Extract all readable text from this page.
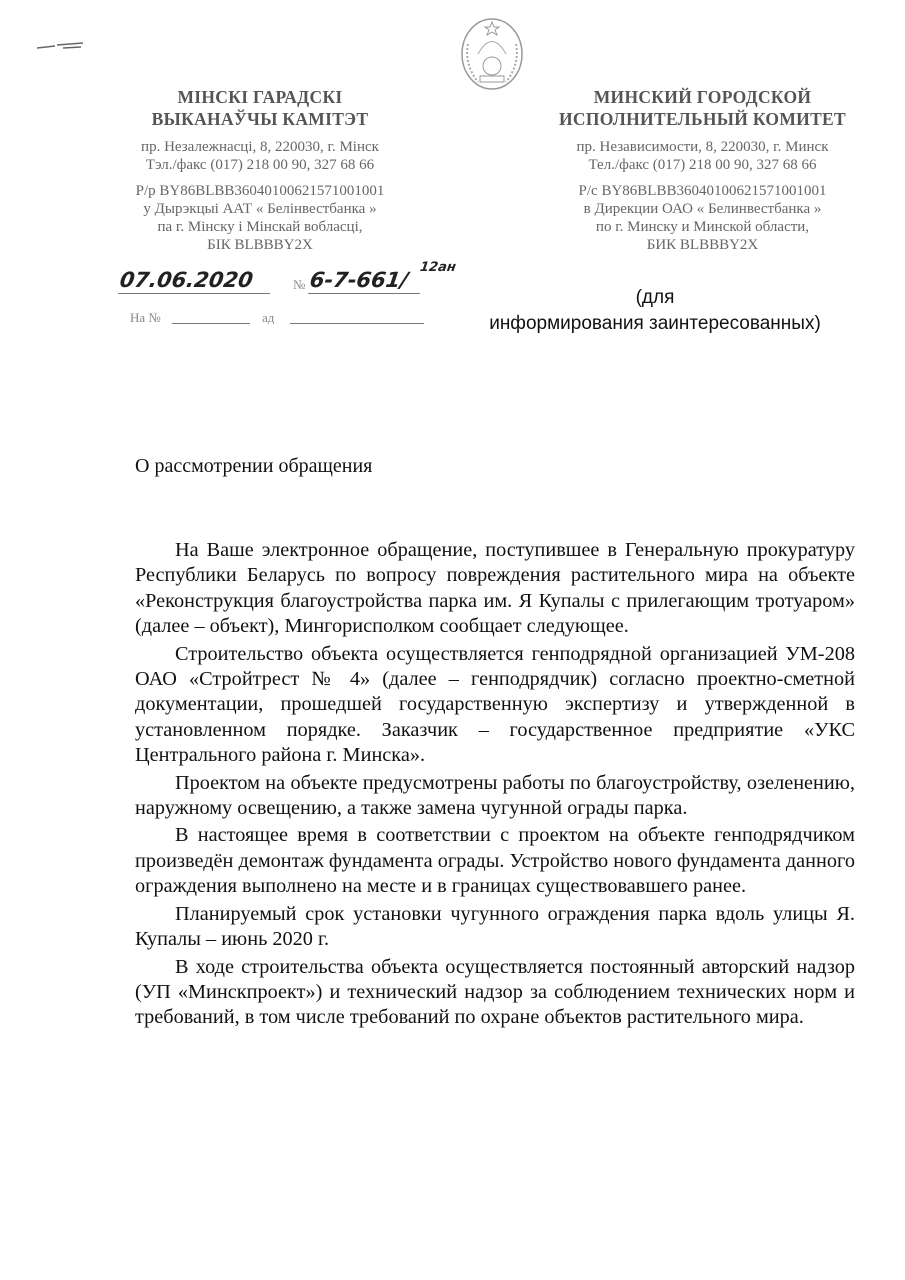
МІНСКІ ГАРАДСКІ
ВЫКАНАЎЧЫ КАМІТЭТ
пр. Незалежнасці, 8, 220030, г. Мінск
Тэл./факс (017) 218 00 90, 327 68 66
Р/р BY86BLBB36040100621571001001
у Дырэкцыі ААТ « Белінвестбанка »
па г. Мінску і Мінскай вобласці,
БІК BLBBBY2X
МИНСКИЙ ГОРОДСКОЙ
ИСПОЛНИТЕЛЬНЫЙ КОМИТЕТ
пр. Независимости, 8, 220030, г. Минск
Тел./факс (017) 218 00 90, 327 68 66
Р/с BY86BLBB36040100621571001001
в Дирекции ОАО « Белинвестбанка »
по г. Минску и Минской области,
БИК BLBBBY2X
07.06.2020	№ 6-7-661/
12ан
На №	ад
(для
информирования заинтересованных)
О рассмотрении обращения

На Ваше электронное обращение, поступившее в Генеральную прокуратуру Республики Беларусь по вопросу повреждения растительного мира на объекте «Реконструкция благоустройства парка им. Я Купалы с прилегающим тротуаром» (далее – объект), Мингорисполком сообщает следующее.

Строительство объекта осуществляется генподрядной организацией УМ-208 ОАО «Стройтрест № 4» (далее – генподрядчик) согласно проектно-сметной документации, прошедшей государственную экспертизу и утвержденной в установленном порядке. Заказчик – государственное предприятие «УКС Центрального района г. Минска».

Проектом на объекте предусмотрены работы по благоустройству, озеленению, наружному освещению, а также замена чугунной ограды парка.

В настоящее время в соответствии с проектом на объекте генподрядчиком произведён демонтаж фундамента ограды. Устройство нового фундамента данного ограждения выполнено на месте и в границах существовавшего ранее.

Планируемый срок установки чугунного ограждения парка вдоль улицы Я. Купалы – июнь 2020 г.

В ходе строительства объекта осуществляется постоянный авторский надзор (УП «Минскпроект») и технический надзор за соблюдением технических норм и требований, в том числе требований по охране объектов растительного мира.
